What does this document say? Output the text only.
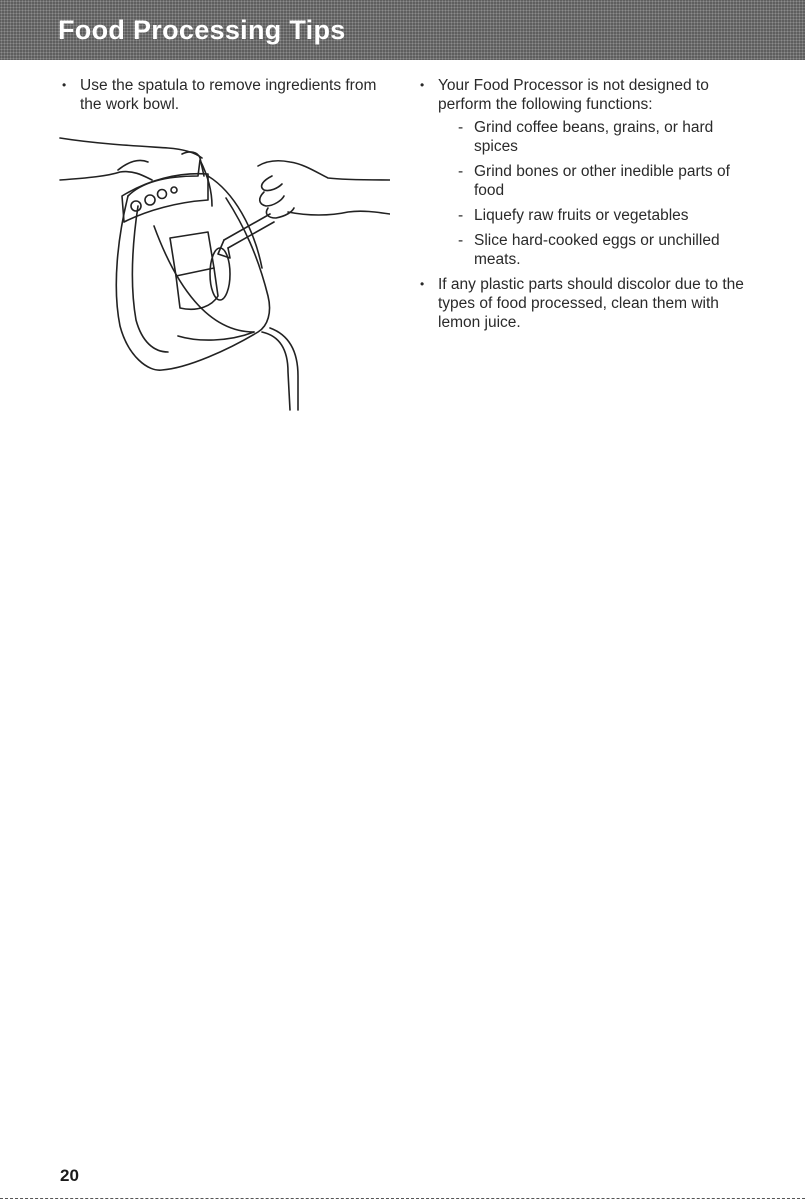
Food Processing Tips
• Use the spatula to remove ingredients from the work bowl.
• Your Food Processor is not designed to perform the following functions:
- Grind coffee beans, grains, or hard spices
- Grind bones or other inedible parts of food
- Liquefy raw fruits or vegetables
- Slice hard-cooked eggs or unchilled meats.
• If any plastic parts should discolor due to the types of food processed, clean them with lemon juice.
20
